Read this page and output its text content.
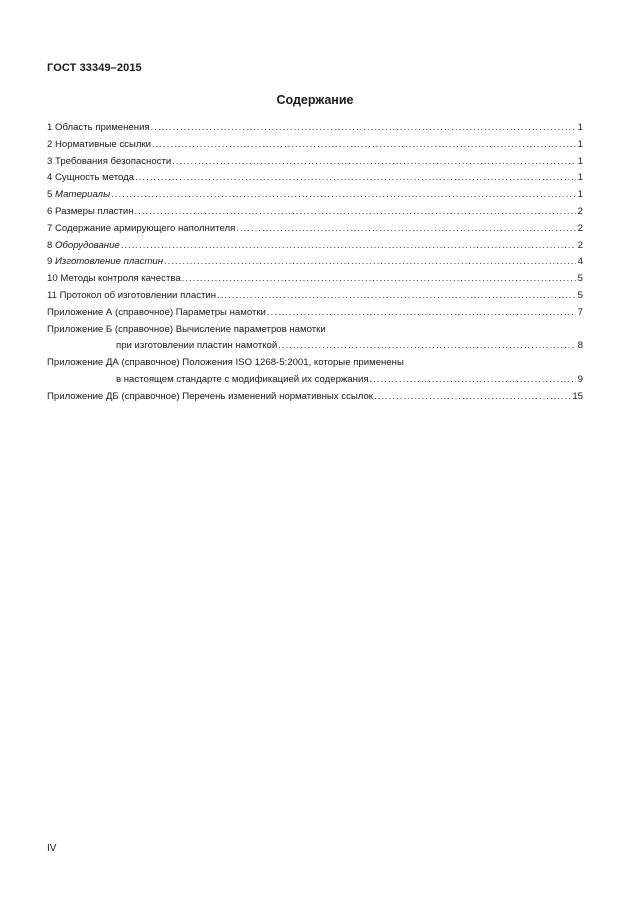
ГОСТ 33349–2015
Содержание
1 Область применения .....	1
2 Нормативные ссылки .....	1
3 Требования безопасности .....	1
4 Сущность метода .....	1
5 Материалы .....	1
6 Размеры пластин .....	2
7 Содержание армирующего наполнителя .....	2
8 Оборудование .....	2
9 Изготовление пластин .....	4
10 Методы контроля качества .....	5
11 Протокол об изготовлении пластин .....	5
Приложение А (справочное) Параметры намотки .....	7
Приложение Б (справочное) Вычисление параметров намотки
при изготовлении пластин намоткой .....	8
Приложение ДА (справочное) Положения ISO 1268-5:2001, которые применены
в настоящем стандарте с модификацией их содержания .....	9
Приложение ДБ (справочное) Перечень изменений нормативных ссылок .....	15
IV
